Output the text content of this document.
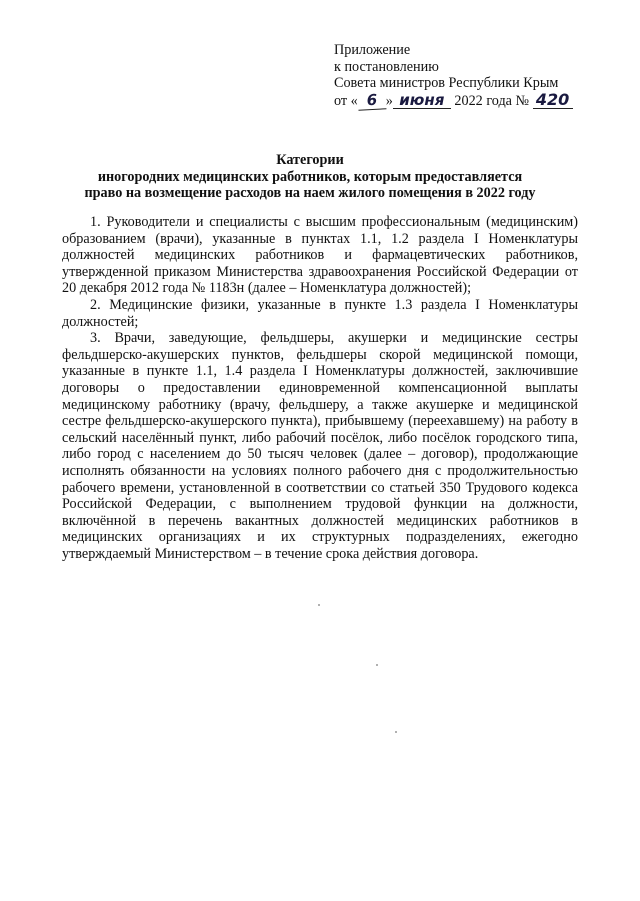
Приложение
к постановлению
Совета министров Республики Крым
от « 6 » июня 2022 года № 420
Категории
иногородних медицинских работников, которым предоставляется
право на возмещение расходов на наем жилого помещения в 2022 году

1. Руководители и специалисты с высшим профессиональным (медицинским) образованием (врачи), указанные в пунктах 1.1, 1.2 раздела I Номенклатуры должностей медицинских работников и фармацевтических работников, утвержденной приказом Министерства здравоохранения Российской Федерации от 20 декабря 2012 года № 1183н (далее – Номенклатура должностей);

2. Медицинские физики, указанные в пункте 1.3 раздела I Номенклатуры должностей;

3. Врачи, заведующие, фельдшеры, акушерки и медицинские сестры фельдшерско-акушерских пунктов, фельдшеры скорой медицинской помощи, указанные в пункте 1.1, 1.4 раздела I Номенклатуры должностей, заключившие договоры о предоставлении единовременной компенсационной выплаты медицинскому работнику (врачу, фельдшеру, а также акушерке и медицинской сестре фельдшерско-акушерского пункта), прибывшему (переехавшему) на работу в сельский населённый пункт, либо рабочий посёлок, либо посёлок городского типа, либо город с населением до 50 тысяч человек (далее – договор), продолжающие исполнять обязанности на условиях полного рабочего дня с продолжительностью рабочего времени, установленной в соответствии со статьей 350 Трудового кодекса Российской Федерации, с выполнением трудовой функции на должности, включённой в перечень вакантных должностей медицинских работников в медицинских организациях и их структурных подразделениях, ежегодно утверждаемый Министерством – в течение срока действия договора.
